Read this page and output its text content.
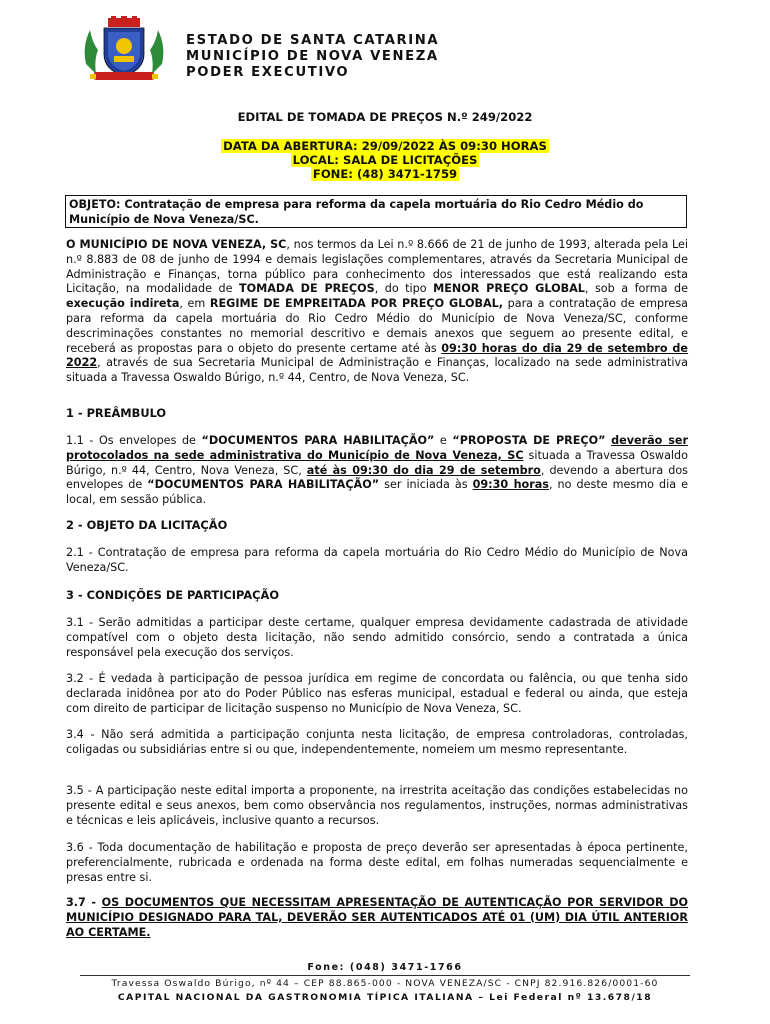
ESTADO DE SANTA CATARINA
MUNICÍPIO DE NOVA VENEZA
PODER EXECUTIVO
EDITAL DE TOMADA DE PREÇOS N.º 249/2022
DATA DA ABERTURA: 29/09/2022 ÀS 09:30 HORAS
LOCAL: SALA DE LICITAÇÕES
FONE: (48) 3471-1759
OBJETO: Contratação de empresa para reforma da capela mortuária do Rio Cedro Médio do Município de Nova Veneza/SC.

O MUNICÍPIO DE NOVA VENEZA, SC, nos termos da Lei n.º 8.666 de 21 de junho de 1993, alterada pela Lei n.º 8.883 de 08 de junho de 1994 e demais legislações complementares, através da Secretaria Municipal de Administração e Finanças, torna público para conhecimento dos interessados que está realizando esta Licitação, na modalidade de TOMADA DE PREÇOS, do tipo MENOR PREÇO GLOBAL, sob a forma de execução indireta, em REGIME DE EMPREITADA POR PREÇO GLOBAL, para a contratação de empresa para reforma da capela mortuária do Rio Cedro Médio do Município de Nova Veneza/SC, conforme descriminações constantes no memorial descritivo e demais anexos que seguem ao presente edital, e receberá as propostas para o objeto do presente certame até às 09:30 horas do dia 29 de setembro de 2022, através de sua Secretaria Municipal de Administração e Finanças, localizado na sede administrativa situada a Travessa Oswaldo Búrigo, n.º 44, Centro, de Nova Veneza, SC.

1 - PREÂMBULO

1.1 - Os envelopes de “DOCUMENTOS PARA HABILITAÇÃO” e “PROPOSTA DE PREÇO” deverão ser protocolados na sede administrativa do Município de Nova Veneza, SC situada a Travessa Oswaldo Búrigo, n.º 44, Centro, Nova Veneza, SC, até às 09:30 do dia 29 de setembro, devendo a abertura dos envelopes de “DOCUMENTOS PARA HABILITAÇÃO” ser iniciada às 09:30 horas, no deste mesmo dia e local, em sessão pública.

2 - OBJETO DA LICITAÇÃO

2.1 - Contratação de empresa para reforma da capela mortuária do Rio Cedro Médio do Município de Nova Veneza/SC.

3 - CONDIÇÕES DE PARTICIPAÇÃO

3.1 - Serão admitidas a participar deste certame, qualquer empresa devidamente cadastrada de atividade compatível com o objeto desta licitação, não sendo admitido consórcio, sendo a contratada a única responsável pela execução dos serviços.

3.2 - É vedada à participação de pessoa jurídica em regime de concordata ou falência, ou que tenha sido declarada inidônea por ato do Poder Público nas esferas municipal, estadual e federal ou ainda, que esteja com direito de participar de licitação suspenso no Município de Nova Veneza, SC.

3.4 - Não será admitida a participação conjunta nesta licitação, de empresa controladoras, controladas, coligadas ou subsidiárias entre si ou que, independentemente, nomeiem um mesmo representante.

3.5 - A participação neste edital importa a proponente, na irrestrita aceitação das condições estabelecidas no presente edital e seus anexos, bem como observância nos regulamentos, instruções, normas administrativas e técnicas e leis aplicáveis, inclusive quanto a recursos.

3.6 - Toda documentação de habilitação e proposta de preço deverão ser apresentadas à época pertinente, preferencialmente, rubricada e ordenada na forma deste edital, em folhas numeradas sequencialmente e presas entre si.

3.7 - OS DOCUMENTOS QUE NECESSITAM APRESENTAÇÃO DE AUTENTICAÇÃO POR SERVIDOR DO MUNICÍPIO DESIGNADO PARA TAL, DEVERÃO SER AUTENTICADOS ATÉ 01 (UM) DIA ÚTIL ANTERIOR AO CERTAME.

Fone: (048) 3471-1766
Travessa Oswaldo Búrigo, nº 44 – CEP 88.865-000 - NOVA VENEZA/SC - CNPJ 82.916.826/0001-60
CAPITAL NACIONAL DA GASTRONOMIA TÍPICA ITALIANA – Lei Federal nº 13.678/18
